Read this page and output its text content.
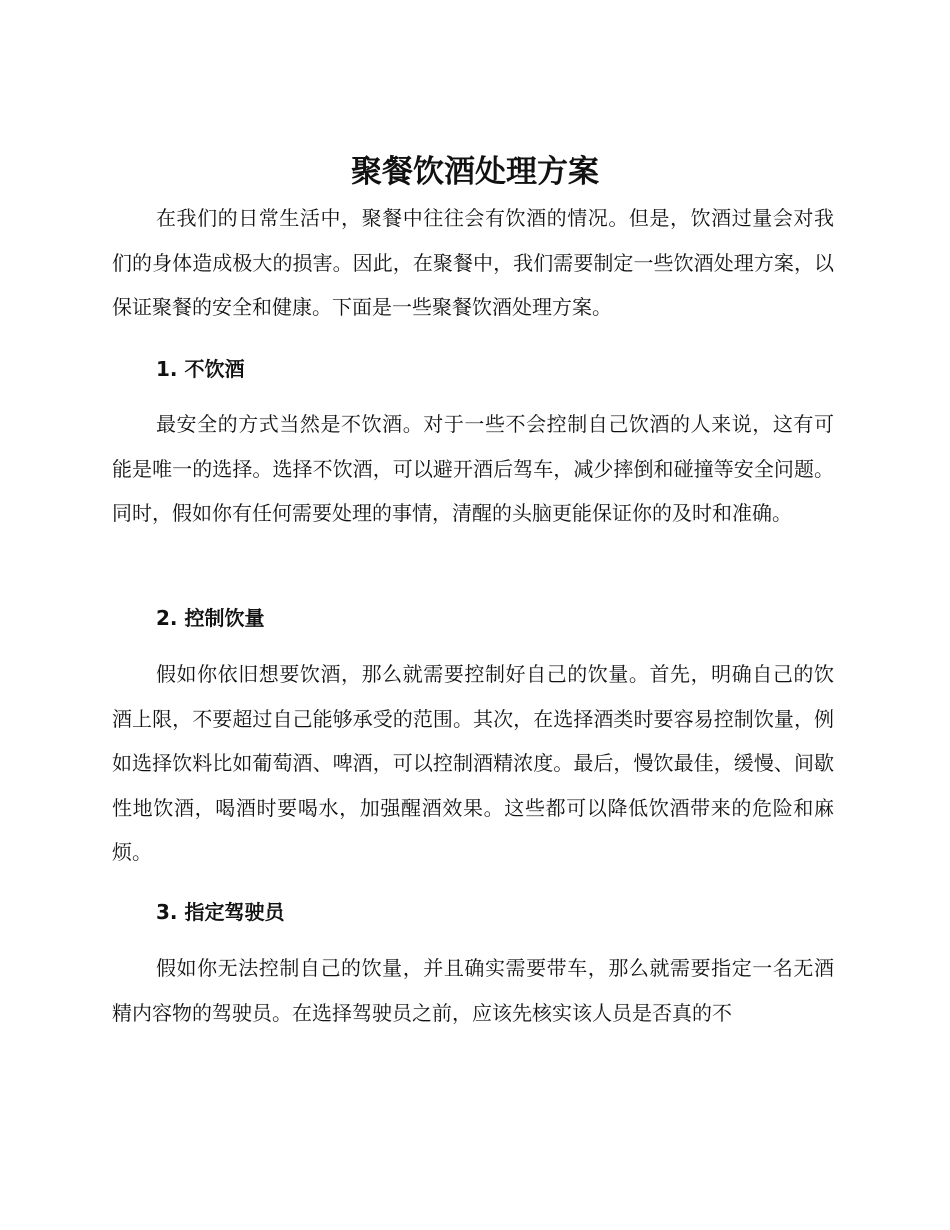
聚餐饮酒处理方案

在我们的日常生活中，聚餐中往往会有饮酒的情况。但是，饮酒过量会对我们的身体造成极大的损害。因此，在聚餐中，我们需要制定一些饮酒处理方案，以保证聚餐的安全和健康。下面是一些聚餐饮酒处理方案。

1. 不饮酒

最安全的方式当然是不饮酒。对于一些不会控制自己饮酒的人来说，这有可能是唯一的选择。选择不饮酒，可以避开酒后驾车，减少摔倒和碰撞等安全问题。同时，假如你有任何需要处理的事情，清醒的头脑更能保证你的及时和准确。

2. 控制饮量

假如你依旧想要饮酒，那么就需要控制好自己的饮量。首先，明确自己的饮酒上限，不要超过自己能够承受的范围。其次，在选择酒类时要容易控制饮量，例如选择饮料比如葡萄酒、啤酒，可以控制酒精浓度。最后，慢饮最佳，缓慢、间歇性地饮酒，喝酒时要喝水，加强醒酒效果。这些都可以降低饮酒带来的危险和麻烦。

3. 指定驾驶员

假如你无法控制自己的饮量，并且确实需要带车，那么就需要指定一名无酒精内容物的驾驶员。在选择驾驶员之前，应该先核实该人员是否真的不
